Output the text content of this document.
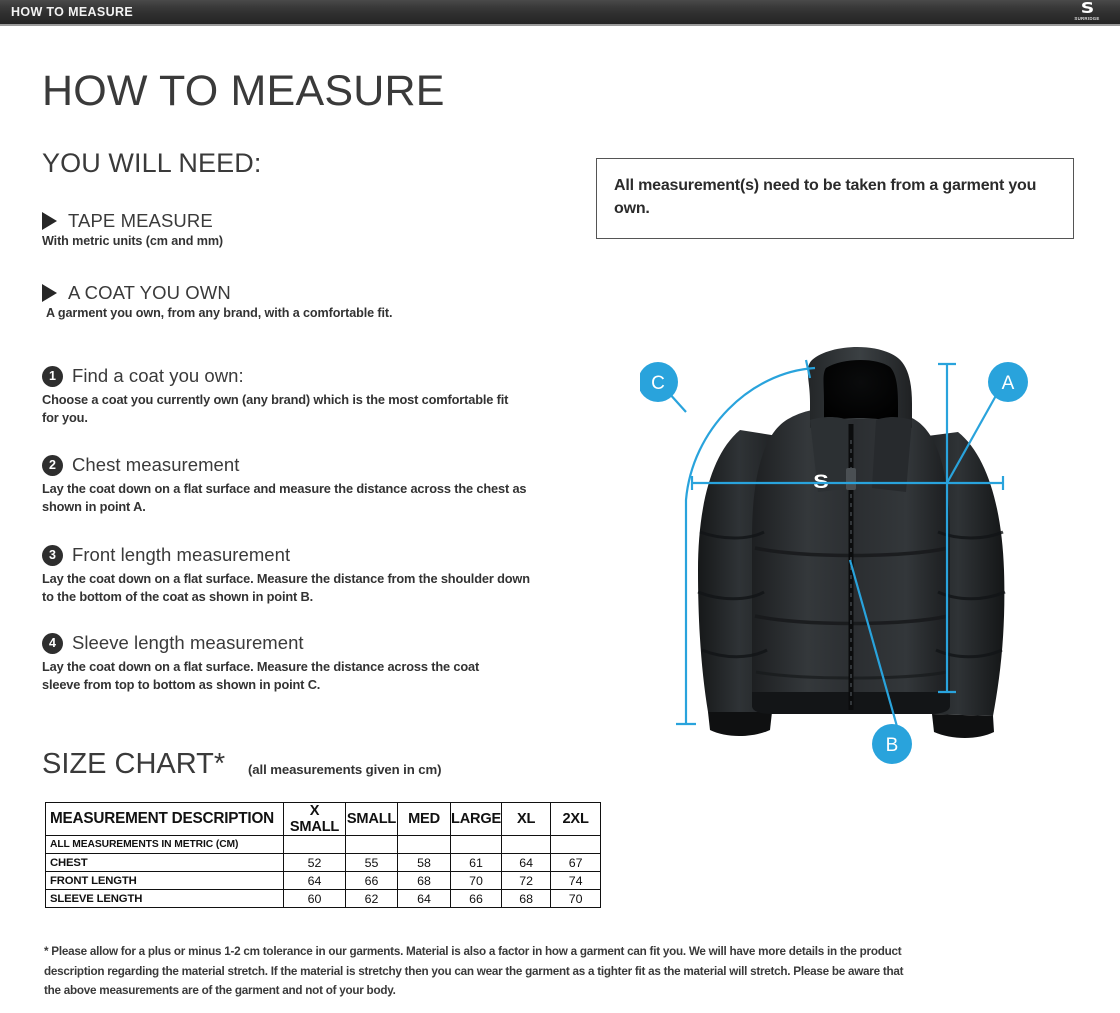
HOW TO MEASURE	S
SURRIDGE
HOW TO MEASURE
YOU WILL NEED:
TAPE MEASURE
With metric units (cm and mm)
A COAT YOU OWN
A garment you own, from any brand, with a comfortable fit.
1 Find a coat you own:
Choose a coat you currently own (any brand) which is the most comfortable fit for you.
2 Chest measurement
Lay the coat down on a flat surface and measure the distance across the chest as shown in point A.
3 Front length measurement
Lay the coat down on a flat surface. Measure the distance from the shoulder down to the bottom of the coat as shown in point B.
4 Sleeve length measurement
Lay the coat down on a flat surface. Measure the distance across the coat sleeve from top to bottom as shown in point C.
All measurement(s) need to be taken from a garment you own.
S
A
B
C
SIZE CHART* (all measurements given in cm)
MEASUREMENT DESCRIPTION	X SMALL	SMALL	MED	LARGE	XL	2XL
ALL MEASUREMENTS IN METRIC (CM)						
CHEST	52	55	58	61	64	67
FRONT LENGTH	64	66	68	70	72	74
SLEEVE LENGTH	60	62	64	66	68	70
* Please allow for a plus or minus 1-2 cm tolerance in our garments. Material is also a factor in how a garment can fit you. We will have more details in the product description regarding the material stretch. If the material is stretchy then you can wear the garment as a tighter fit as the material will stretch. Please be aware that the above measurements are of the garment and not of your body.
